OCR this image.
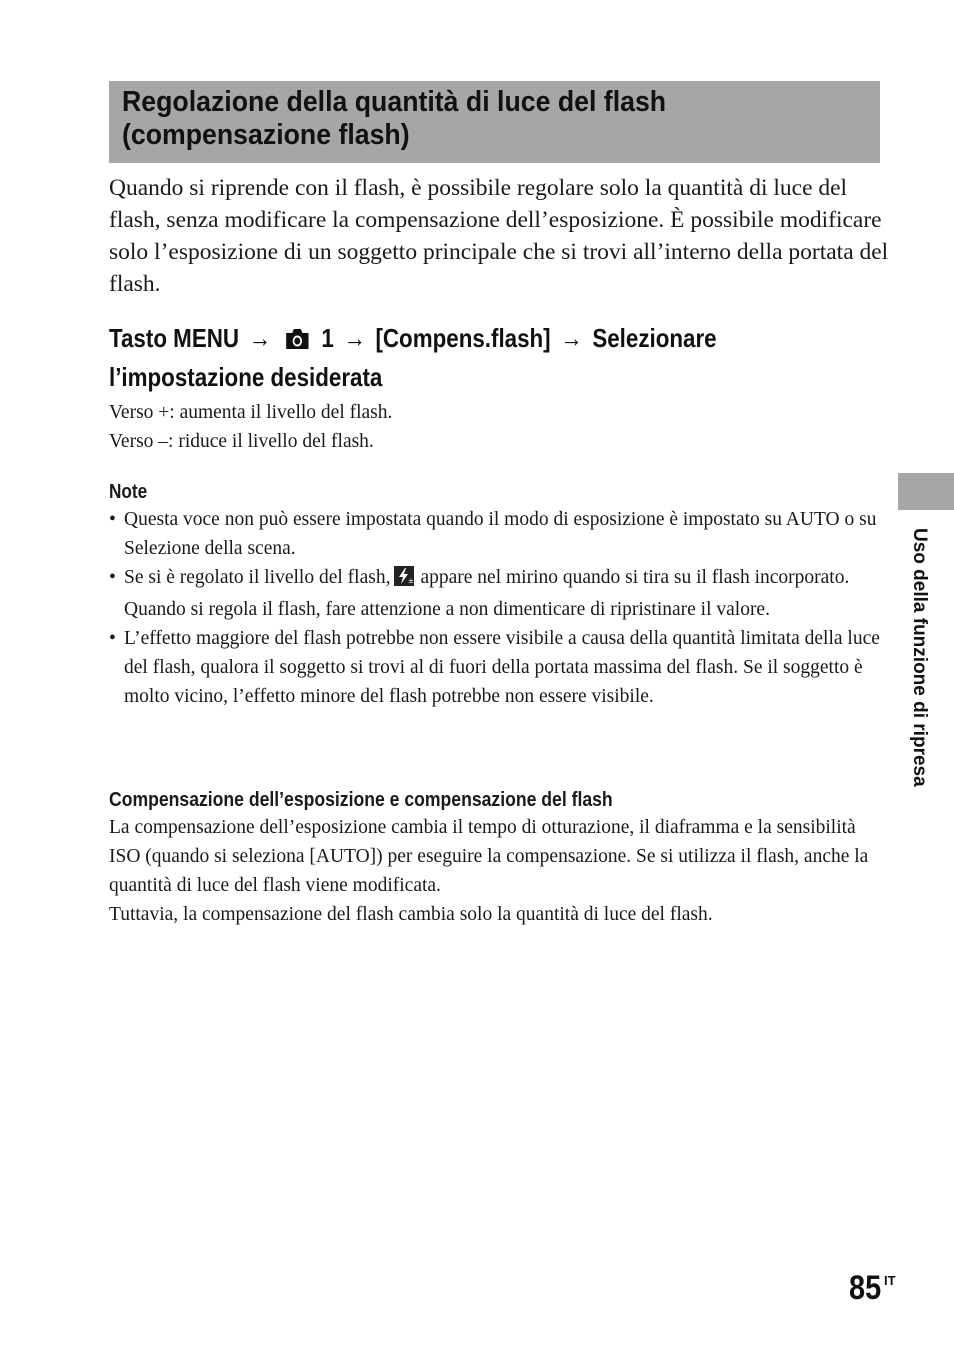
Regolazione della quantità di luce del flash (compensazione flash)

Quando si riprende con il flash, è possibile regolare solo la quantità di luce del flash, senza modificare la compensazione dell’esposizione. È possibile modificare solo l’esposizione di un soggetto principale che si trovi all’interno della portata del flash.

Tasto MENU → 1 → [Compens.flash] → Selezionare l’impostazione desiderata

Verso +: aumenta il livello del flash.

Verso –: riduce il livello del flash.

Note
• Questa voce non può essere impostata quando il modo di esposizione è impostato su AUTO o su Selezione della scena.
• Se si è regolato il livello del flash,	± appare nel mirino quando si tira su il flash incorporato. Quando si regola il flash, fare attenzione a non dimenticare di ripristinare il valore.
• L’effetto maggiore del flash potrebbe non essere visibile a causa della quantità limitata della luce del flash, qualora il soggetto si trovi al di fuori della portata massima del flash. Se il soggetto è molto vicino, l’effetto minore del flash potrebbe non essere visibile.
Compensazione dell’esposizione e compensazione del flash

La compensazione dell’esposizione cambia il tempo di otturazione, il diaframma e la sensibilità ISO (quando si seleziona [AUTO]) per eseguire la compensazione. Se si utilizza il flash, anche la quantità di luce del flash viene modificata.

Tuttavia, la compensazione del flash cambia solo la quantità di luce del flash.

Uso della funzione di ripresa

85 IT
